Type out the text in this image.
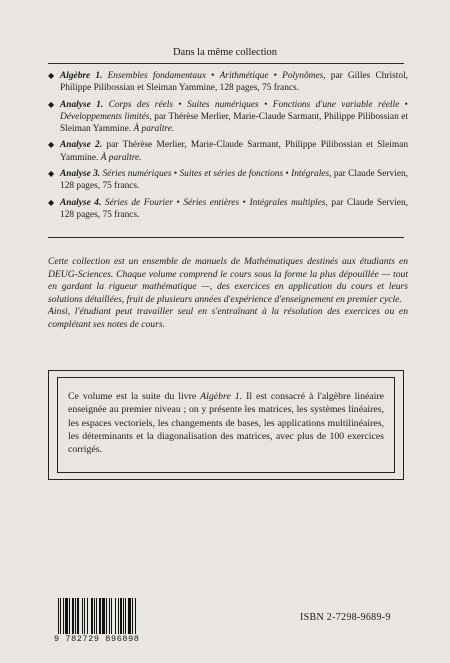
Dans la même collection
◆ Algèbre 1. Ensembles fondamentaux • Arithmétique • Polynômes, par Gilles Christol, Philippe Pilibossian et Sleiman Yammine, 128 pages, 75 francs.
◆ Analyse 1. Corps des réels • Suites numériques • Fonctions d'une variable réelle • Développements limités, par Thérèse Merlier, Marie-Claude Sarmant, Philippe Pilibossian et Sleiman Yammine. À paraître.
◆ Analyse 2. par Thérèse Merlier, Marie-Claude Sarmant, Philippe Pilibossian et Sleiman Yammine. À paraître.
◆ Analyse 3. Séries numériques • Suites et séries de fonctions • Intégrales, par Claude Servien, 128 pages, 75 francs.
◆ Analyse 4. Séries de Fourier • Séries entières • Intégrales multiples, par Claude Servien, 128 pages, 75 francs.

Cette collection est un ensemble de manuels de Mathématiques destinés aux étudiants en DEUG-Sciences. Chaque volume comprend le cours sous la forme la plus dépouillée — tout en gardant la rigueur mathématique —, des exercices en application du cours et leurs solutions détaillées, fruit de plusieurs années d'expérience d'enseignement en premier cycle.

Ainsi, l'étudiant peut travailler seul en s'entraînant à la résolution des exercices ou en complétant ses notes de cours.

Ce volume est la suite du livre Algèbre 1. Il est consacré à l'algèbre linéaire enseignée au premier niveau ; on y présente les matrices, les systèmes linéaires, les espaces vectoriels, les changements de bases, les applications multilinéaires, les déterminants et la diagonalisation des matrices, avec plus de 100 exercices corrigés.
9 782729 896898
ISBN 2-7298-9689-9
